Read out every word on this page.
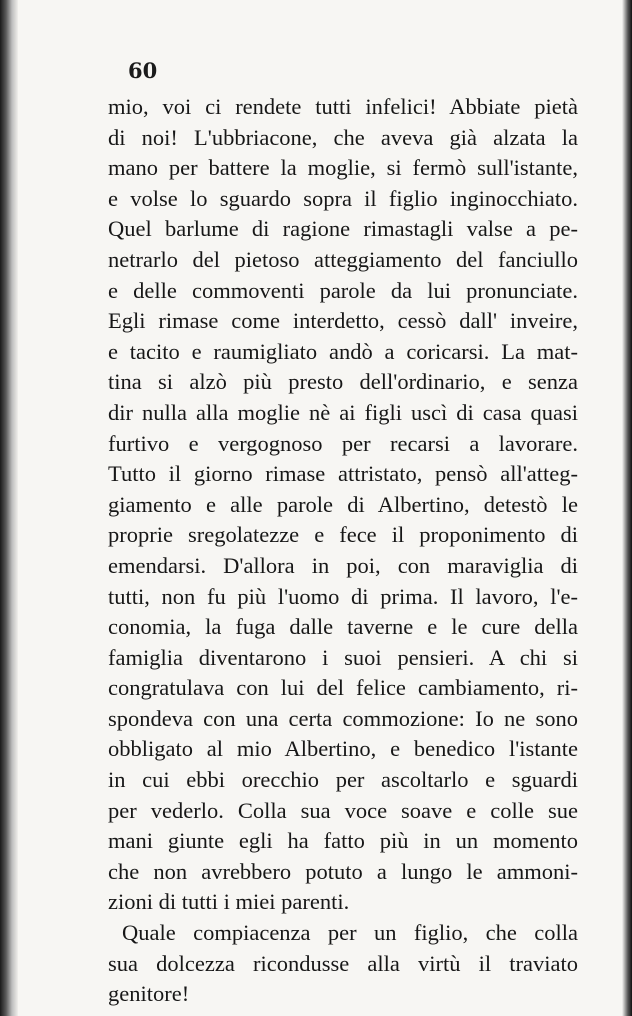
60
mio, voi ci rendete tutti infelici! Abbiate pietà
di noi! L'ubbriacone, che aveva già alzata la
mano per battere la moglie, si fermò sull'istante,
e volse lo sguardo sopra il figlio inginocchiato.
Quel barlume di ragione rimastagli valse a pe-
netrarlo del pietoso atteggiamento del fanciullo
e delle commoventi parole da lui pronunciate.
Egli rimase come interdetto, cessò dall' inveire,
e tacito e raumigliato andò a coricarsi. La mat-
tina si alzò più presto dell'ordinario, e senza
dir nulla alla moglie nè ai figli uscì di casa quasi
furtivo e vergognoso per recarsi a lavorare.
Tutto il giorno rimase attristato, pensò all'atteg-
giamento e alle parole di Albertino, detestò le
proprie sregolatezze e fece il proponimento di
emendarsi. D'allora in poi, con maraviglia di
tutti, non fu più l'uomo di prima. Il lavoro, l'e-
conomia, la fuga dalle taverne e le cure della
famiglia diventarono i suoi pensieri. A chi si
congratulava con lui del felice cambiamento, ri-
spondeva con una certa commozione: Io ne sono
obbligato al mio Albertino, e benedico l'istante
in cui ebbi orecchio per ascoltarlo e sguardi
per vederlo. Colla sua voce soave e colle sue
mani giunte egli ha fatto più in un momento
che non avrebbero potuto a lungo le ammoni-
zioni di tutti i miei parenti.
Quale compiacenza per un figlio, che colla
sua dolcezza ricondusse alla virtù il traviato
genitore!
